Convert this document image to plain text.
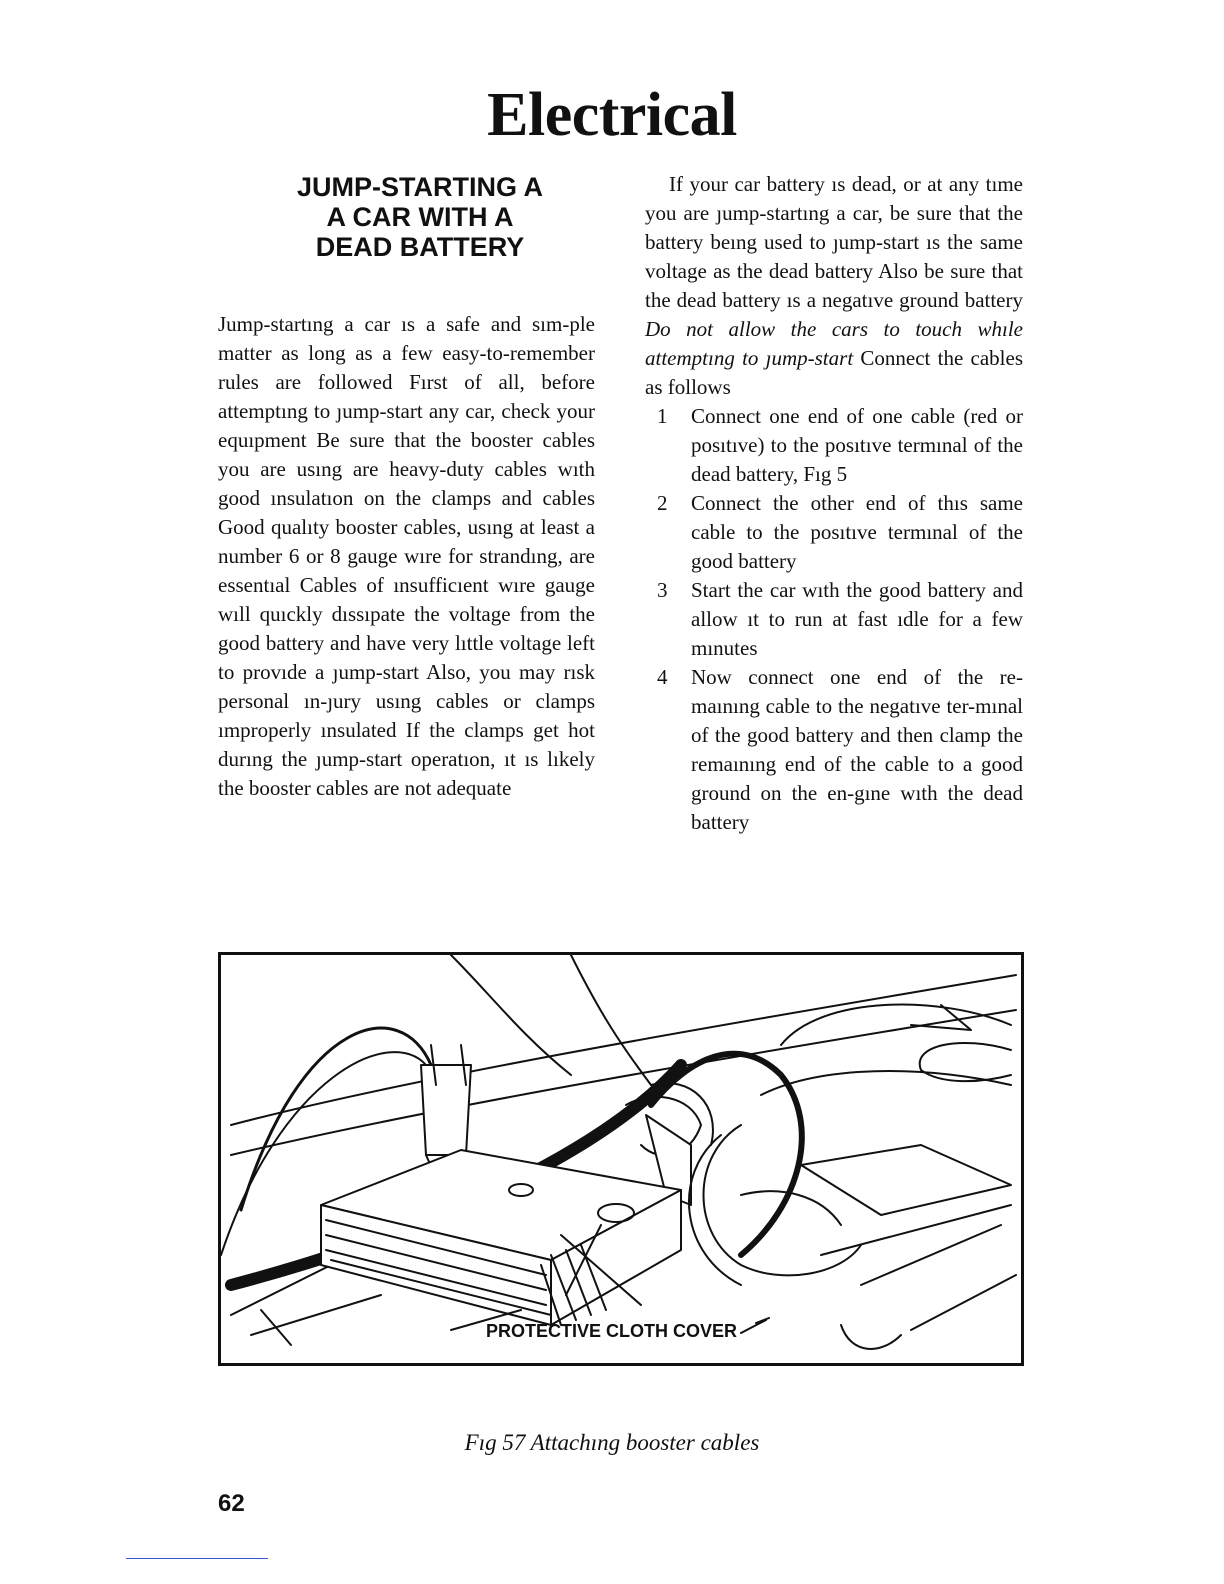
Electrical
JUMP-STARTING A
A CAR WITH A
DEAD BATTERY

Jump-startıng a car ıs a safe and sım-ple matter as long as a few easy-to-remember rules are followed Fırst of all, before attemptıng to ȷump-start any car, check your equıpment Be sure that the booster cables you are usıng are heavy-duty cables wıth good ınsulatıon on the clamps and cables Good qualıty booster cables, usıng at least a number 6 or 8 gauge wıre for strandıng, are essentıal Cables of ınsufficıent wıre gauge wıll quıckly dıssıpate the voltage from the good battery and have very lıttle voltage left to provıde a ȷump-start Also, you may rısk personal ın-ȷury usıng cables or clamps ımproperly ınsulated If the clamps get hot durıng the ȷump-start operatıon, ıt ıs lıkely the booster cables are not adequate

If your car battery ıs dead, or at any tıme you are ȷump-startıng a car, be sure that the battery beıng used to ȷump-start ıs the same voltage as the dead battery Also be sure that the dead battery ıs a negatıve ground battery Do not allow the cars to touch whıle attemptıng to ȷump-start Connect the cables as follows

1 Connect one end of one cable (red or posıtıve) to the posıtıve termınal of the dead battery, Fıg 5
2 Connect the other end of thıs same cable to the posıtıve termınal of the good battery
3 Start the car wıth the good battery and allow ıt to run at fast ıdle for a few mınutes
4 Now connect one end of the re-maınıng cable to the negatıve ter-mınal of the good battery and then clamp the remaınıng end of the cable to a good ground on the en-gıne wıth the dead battery
PROTECTIVE CLOTH COVER
Fıg 57 Attachıng booster cables
62
